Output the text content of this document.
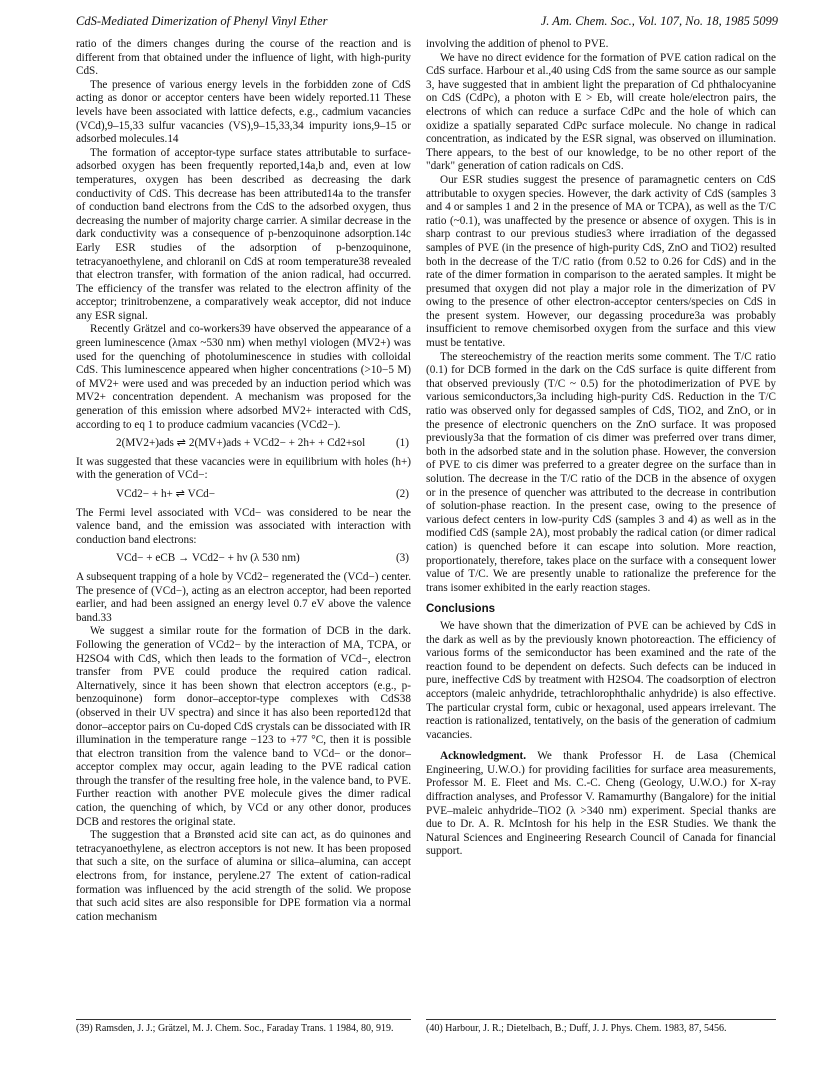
CdS-Mediated Dimerization of Phenyl Vinyl Ether	J. Am. Chem. Soc., Vol. 107, No. 18, 1985 5099

ratio of the dimers changes during the course of the reaction and is different from that obtained under the influence of light, with high-purity CdS.

The presence of various energy levels in the forbidden zone of CdS acting as donor or acceptor centers have been widely reported.11 These levels have been associated with lattice defects, e.g., cadmium vacancies (VCd),9–15,33 sulfur vacancies (VS),9–15,33,34 impurity ions,9–15 or adsorbed molecules.14

The formation of acceptor-type surface states attributable to surface-adsorbed oxygen has been frequently reported,14a,b and, even at low temperatures, oxygen has been described as decreasing the dark conductivity of CdS. This decrease has been attributed14a to the transfer of conduction band electrons from the CdS to the adsorbed oxygen, thus decreasing the number of majority charge carrier. A similar decrease in the dark conductivity was a consequence of p-benzoquinone adsorption.14c Early ESR studies of the adsorption of p-benzoquinone, tetracyanoethylene, and chloranil on CdS at room temperature38 revealed that electron transfer, with formation of the anion radical, had occurred. The efficiency of the transfer was related to the electron affinity of the acceptor; trinitrobenzene, a comparatively weak acceptor, did not induce any ESR signal.

Recently Grätzel and co-workers39 have observed the appearance of a green luminescence (λmax ~530 nm) when methyl viologen (MV2+) was used for the quenching of photoluminescence in studies with colloidal CdS. This luminescence appeared when higher concentrations (>10−5 M) of MV2+ were used and was preceded by an induction period which was MV2+ concentration dependent. A mechanism was proposed for the generation of this emission where adsorbed MV2+ interacted with CdS, according to eq 1 to produce cadmium vacancies (VCd2−).

2(MV2+)ads ⇌ 2(MV+)ads + VCd2− + 2h+ + Cd2+sol	(1)

It was suggested that these vacancies were in equilibrium with holes (h+) with the generation of VCd−:

VCd2− + h+ ⇌ VCd−	(2)

The Fermi level associated with VCd− was considered to be near the valence band, and the emission was associated with interaction with conduction band electrons:

VCd− + eCB → VCd2− + hν (λ 530 nm)	(3)

A subsequent trapping of a hole by VCd2− regenerated the (VCd−) center. The presence of (VCd−), acting as an electron acceptor, had been reported earlier, and had been assigned an energy level 0.7 eV above the valence band.33

We suggest a similar route for the formation of DCB in the dark. Following the generation of VCd2− by the interaction of MA, TCPA, or H2SO4 with CdS, which then leads to the formation of VCd−, electron transfer from PVE could produce the required cation radical. Alternatively, since it has been shown that electron acceptors (e.g., p-benzoquinone) form donor–acceptor-type complexes with CdS38 (observed in their UV spectra) and since it has also been reported12d that donor–acceptor pairs on Cu-doped CdS crystals can be dissociated with IR illumination in the temperature range −123 to +77 °C, then it is possible that electron transition from the valence band to VCd− or the donor–acceptor complex may occur, again leading to the PVE radical cation through the transfer of the resulting free hole, in the valence band, to PVE. Further reaction with another PVE molecule gives the dimer radical cation, the quenching of which, by VCd or any other donor, produces DCB and restores the original state.

The suggestion that a Brønsted acid site can act, as do quinones and tetracyanoethylene, as electron acceptors is not new. It has been proposed that such a site, on the surface of alumina or silica–alumina, can accept electrons from, for instance, perylene.27 The extent of cation-radical formation was influenced by the acid strength of the solid. We propose that such acid sites are also responsible for DPE formation via a normal cation mechanism

involving the addition of phenol to PVE.

We have no direct evidence for the formation of PVE cation radical on the CdS surface. Harbour et al.,40 using CdS from the same source as our sample 3, have suggested that in ambient light the preparation of Cd phthalocyanine on CdS (CdPc), a photon with E > Eb, will create hole/electron pairs, the electrons of which can reduce a surface CdPc and the hole of which can oxidize a spatially separated CdPc surface molecule. No change in radical concentration, as indicated by the ESR signal, was observed on illumination. There appears, to the best of our knowledge, to be no other report of the "dark" generation of cation radicals on CdS.

Our ESR studies suggest the presence of paramagnetic centers on CdS attributable to oxygen species. However, the dark activity of CdS (samples 3 and 4 or samples 1 and 2 in the presence of MA or TCPA), as well as the T/C ratio (~0.1), was unaffected by the presence or absence of oxygen. This is in sharp contrast to our previous studies3 where irradiation of the degassed samples of PVE (in the presence of high-purity CdS, ZnO and TiO2) resulted both in the decrease of the T/C ratio (from 0.52 to 0.26 for CdS) and in the rate of the dimer formation in comparison to the aerated samples. It might be presumed that oxygen did not play a major role in the dimerization of PV owing to the presence of other electron-acceptor centers/species on CdS in the present system. However, our degassing procedure3a was probably insufficient to remove chemisorbed oxygen from the surface and this view must be tentative.

The stereochemistry of the reaction merits some comment. The T/C ratio (0.1) for DCB formed in the dark on the CdS surface is quite different from that observed previously (T/C ~ 0.5) for the photodimerization of PVE by various semiconductors,3a including high-purity CdS. Reduction in the T/C ratio was observed only for degassed samples of CdS, TiO2, and ZnO, or in the presence of electronic quenchers on the ZnO surface. It was proposed previously3a that the formation of cis dimer was preferred over trans dimer, both in the adsorbed state and in the solution phase. However, the conversion of PVE to cis dimer was preferred to a greater degree on the surface than in solution. The decrease in the T/C ratio of the DCB in the absence of oxygen or in the presence of quencher was attributed to the decrease in contribution of solution-phase reaction. In the present case, owing to the presence of various defect centers in low-purity CdS (samples 3 and 4) as well as in the modified CdS (sample 2A), most probably the radical cation (or dimer radical cation) is quenched before it can escape into solution. More reaction, proportionately, therefore, takes place on the surface with a consequent lower value of T/C. We are presently unable to rationalize the preference for the trans isomer exhibited in the early reaction stages.

Conclusions

We have shown that the dimerization of PVE can be achieved by CdS in the dark as well as by the previously known photoreaction. The efficiency of various forms of the semiconductor has been examined and the rate of the reaction found to be dependent on defects. Such defects can be induced in pure, ineffective CdS by treatment with H2SO4. The coadsorption of electron acceptors (maleic anhydride, tetrachlorophthalic anhydride) is also effective. The particular crystal form, cubic or hexagonal, used appears irrelevant. The reaction is rationalized, tentatively, on the basis of the generation of cadmium vacancies.

Acknowledgment. We thank Professor H. de Lasa (Chemical Engineering, U.W.O.) for providing facilities for surface area measurements, Professor M. E. Fleet and Ms. C.-C. Cheng (Geology, U.W.O.) for X-ray diffraction analyses, and Professor V. Ramamurthy (Bangalore) for the initial PVE–maleic anhydride–TiO2 (λ >340 nm) experiment. Special thanks are due to Dr. A. R. McIntosh for his help in the ESR Studies. We thank the Natural Sciences and Engineering Research Council of Canada for financial support.

(39) Ramsden, J. J.; Grätzel, M. J. Chem. Soc., Faraday Trans. 1 1984, 80, 919.	(40) Harbour, J. R.; Dietelbach, B.; Duff, J. J. Phys. Chem. 1983, 87, 5456.
